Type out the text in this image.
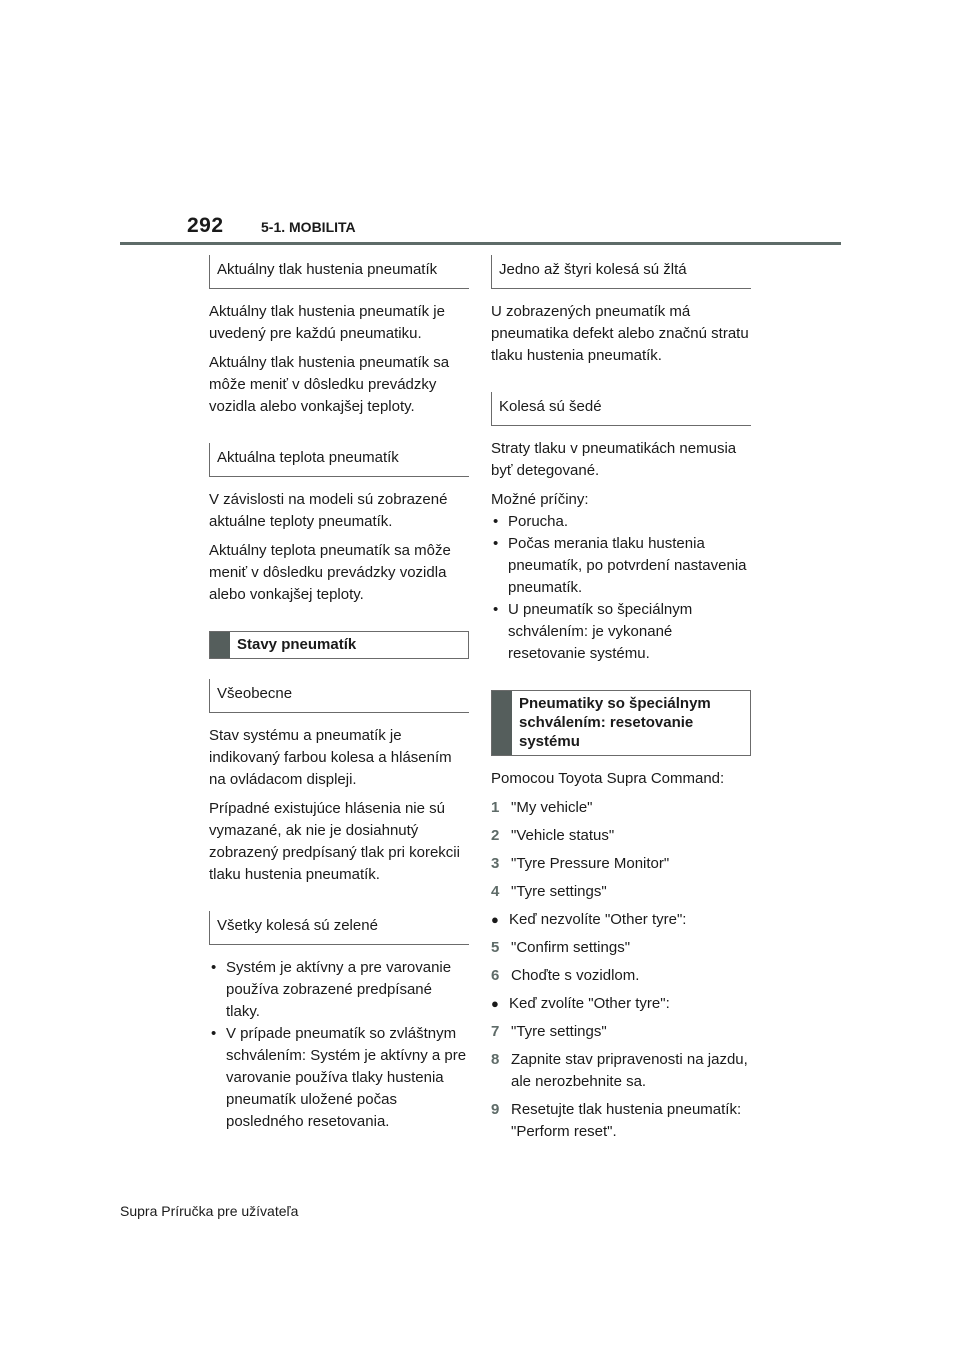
292	5-1. MOBILITA
Aktuálny tlak hustenia pneumatík

Aktuálny tlak hustenia pneumatík je uvedený pre každú pneumatiku.

Aktuálny tlak hustenia pneumatík sa môže meniť v dôsledku prevádzky vozidla alebo vonkajšej teploty.

Aktuálna teplota pneumatík

V závislosti na modeli sú zobrazené aktuálne teploty pneumatík.

Aktuálny teplota pneumatík sa môže meniť v dôsledku prevádzky vozidla alebo vonkajšej teploty.

Stavy pneumatík
Všeobecne

Stav systému a pneumatík je indikovaný farbou kolesa a hlásením na ovládacom displeji.

Prípadné existujúce hlásenia nie sú vymazané, ak nie je dosiahnutý zobrazený predpísaný tlak pri korekcii tlaku hustenia pneumatík.

Všetky kolesá sú zelené
• Systém je aktívny a pre varovanie používa zobrazené predpísané tlaky.
• V prípade pneumatík so zvláštnym schválením: Systém je aktívny a pre varovanie používa tlaky hustenia pneumatík uložené počas posledného resetovania.
Jedno až štyri kolesá sú žltá

U zobrazených pneumatík má pneumatika defekt alebo značnú stratu tlaku hustenia pneumatík.

Kolesá sú šedé

Straty tlaku v pneumatikách nemusia byť detegované.

Možné príčiny:

• Porucha.
• Počas merania tlaku hustenia pneumatík, po potvrdení nastavenia pneumatík.
• U pneumatík so špeciálnym schválením: je vykonané resetovanie systému.
Pneumatiky so špeciálnym schválením: resetovanie systému

Pomocou Toyota Supra Command:

1 "My vehicle"
2 "Vehicle status"
3 "Tyre Pressure Monitor"
4 "Tyre settings"
● Keď nezvolíte "Other tyre":
5 "Confirm settings"
6 Choďte s vozidlom.
● Keď zvolíte "Other tyre":
7 "Tyre settings"
8 Zapnite stav pripravenosti na jazdu, ale nerozbehnite sa.
9 Resetujte tlak hustenia pneumatík: "Perform reset".
Supra Príručka pre užívateľa
